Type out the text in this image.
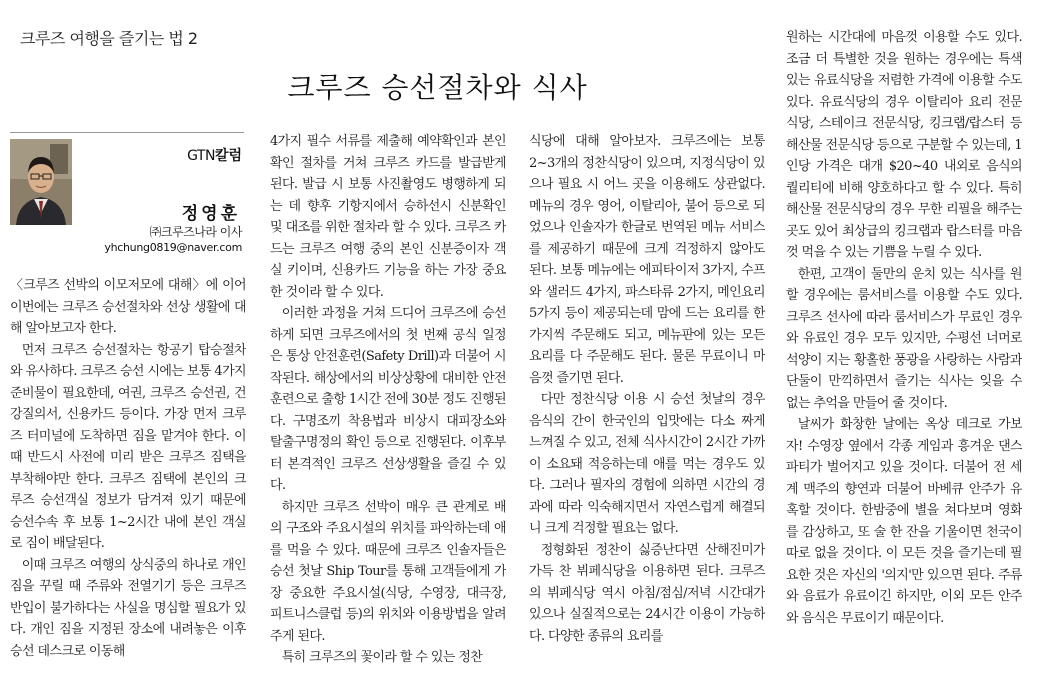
크루즈 여행을 즐기는 법 2
크루즈 승선절차와 식사
GTN칼럼
정영훈
㈜크루즈나라 이사
yhchung0819@naver.com

〈크루즈 선박의 이모저모에 대해〉에 이어 이번에는 크루즈 승선절차와 선상 생활에 대해 알아보고자 한다.

먼저 크루즈 승선절차는 항공기 탑승절차와 유사하다. 크루즈 승선 시에는 보통 4가지 준비물이 필요한데, 여권, 크루즈 승선권, 건강질의서, 신용카드 등이다. 가장 먼저 크루즈 터미널에 도착하면 짐을 맡겨야 한다. 이때 반드시 사전에 미리 받은 크루즈 짐택을 부착해야만 한다. 크루즈 짐택에 본인의 크루즈 승선객실 정보가 담겨져 있기 때문에 승선수속 후 보통 1~2시간 내에 본인 객실로 짐이 배달된다.

이때 크루즈 여행의 상식중의 하나로 개인 짐을 꾸릴 때 주류와 전열기기 등은 크루즈 반입이 불가하다는 사실을 명심할 필요가 있다. 개인 짐을 지정된 장소에 내려놓은 이후 승선 데스크로 이동해

4가지 필수 서류를 제출해 예약확인과 본인확인 절차를 거쳐 크루즈 카드를 발급받게 된다. 발급 시 보통 사진촬영도 병행하게 되는 데 향후 기항지에서 승하선시 신분확인 및 대조를 위한 절차라 할 수 있다. 크루즈 카드는 크루즈 여행 중의 본인 신분증이자 객실 키이며, 신용카드 기능을 하는 가장 중요한 것이라 할 수 있다.

이러한 과정을 거쳐 드디어 크루즈에 승선하게 되면 크루즈에서의 첫 번째 공식 일정은 통상 안전훈련(Safety Drill)과 더불어 시작된다. 해상에서의 비상상황에 대비한 안전훈련으로 출항 1시간 전에 30분 정도 진행된다. 구명조끼 착용법과 비상시 대피장소와 탈출구명정의 확인 등으로 진행된다. 이후부터 본격적인 크루즈 선상생활을 즐길 수 있다.

하지만 크루즈 선박이 매우 큰 관계로 배의 구조와 주요시설의 위치를 파악하는데 애를 먹을 수 있다. 때문에 크루즈 인솔자들은 승선 첫날 Ship Tour를 통해 고객들에게 가장 중요한 주요시설(식당, 수영장, 대극장, 피트니스클럽 등)의 위치와 이용방법을 알려주게 된다.

특히 크루즈의 꽃이라 할 수 있는 정찬

식당에 대해 알아보자. 크루즈에는 보통 2~3개의 정찬식당이 있으며, 지정식당이 있으나 필요 시 어느 곳을 이용해도 상관없다. 메뉴의 경우 영어, 이탈리아, 불어 등으로 되었으나 인솔자가 한글로 번역된 메뉴 서비스를 제공하기 때문에 크게 걱정하지 않아도 된다. 보통 메뉴에는 에피타이저 3가지, 수프와 샐러드 4가지, 파스타류 2가지, 메인요리 5가지 등이 제공되는데 맘에 드는 요리를 한 가지씩 주문해도 되고, 메뉴판에 있는 모든 요리를 다 주문해도 된다. 물론 무료이니 마음껏 즐기면 된다.

다만 정찬식당 이용 시 승선 첫날의 경우 음식의 간이 한국인의 입맛에는 다소 짜게 느껴질 수 있고, 전체 식사시간이 2시간 가까이 소요돼 적응하는데 애를 먹는 경우도 있다. 그러나 필자의 경험에 의하면 시간의 경과에 따라 익숙해지면서 자연스럽게 해결되니 크게 걱정할 필요는 없다.

정형화된 정찬이 싫증난다면 산해진미가 가득 찬 뷔페식당을 이용하면 된다. 크루즈의 뷔페식당 역시 아침/점심/저녁 시간대가 있으나 실질적으로는 24시간 이용이 가능하다. 다양한 종류의 요리를

원하는 시간대에 마음껏 이용할 수도 있다. 조금 더 특별한 것을 원하는 경우에는 특색 있는 유료식당을 저렴한 가격에 이용할 수도 있다. 유료식당의 경우 이탈리아 요리 전문식당, 스테이크 전문식당, 킹크랩/랍스터 등 해산물 전문식당 등으로 구분할 수 있는데, 1인당 가격은 대개 $20~40 내외로 음식의 퀄리티에 비해 양호하다고 할 수 있다. 특히 해산물 전문식당의 경우 무한 리필을 해주는 곳도 있어 최상급의 킹크랩과 랍스터를 마음껏 먹을 수 있는 기쁨을 누릴 수 있다.

한편, 고객이 둘만의 운치 있는 식사를 원할 경우에는 룸서비스를 이용할 수도 있다. 크루즈 선사에 따라 룸서비스가 무료인 경우와 유료인 경우 모두 있지만, 수평선 너머로 석양이 지는 황홀한 풍광을 사랑하는 사람과 단둘이 만끽하면서 즐기는 식사는 잊을 수 없는 추억을 만들어 줄 것이다.

날씨가 화창한 날에는 옥상 데크로 가보자! 수영장 옆에서 각종 게임과 흥겨운 댄스파티가 벌어지고 있을 것이다. 더불어 전 세계 맥주의 향연과 더불어 바베큐 안주가 유혹할 것이다. 한밤중에 별을 쳐다보며 영화를 감상하고, 또 술 한 잔을 기울이면 천국이 따로 없을 것이다. 이 모든 것을 즐기는데 필요한 것은 자신의 '의지'만 있으면 된다. 주류와 음료가 유료이긴 하지만, 이외 모든 안주와 음식은 무료이기 때문이다.
